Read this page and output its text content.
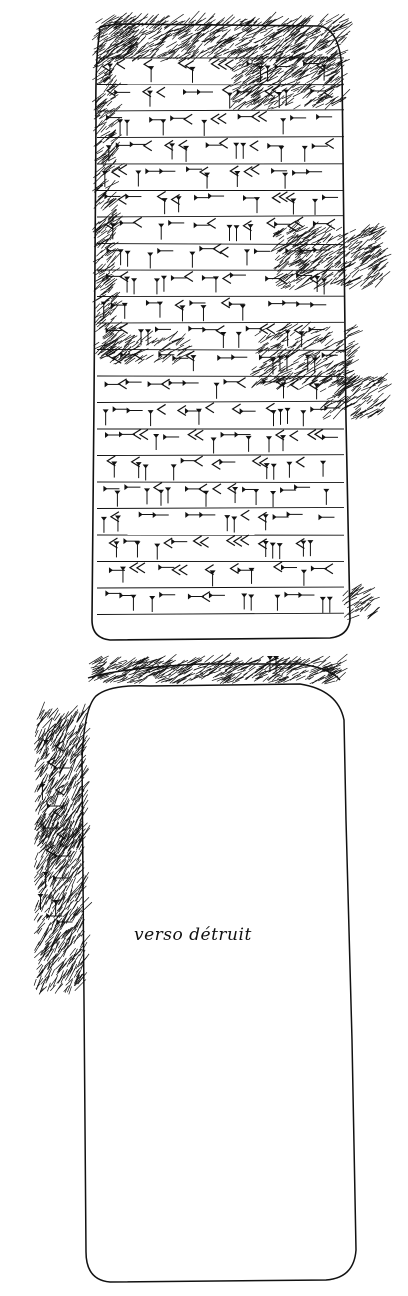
verso détruit
